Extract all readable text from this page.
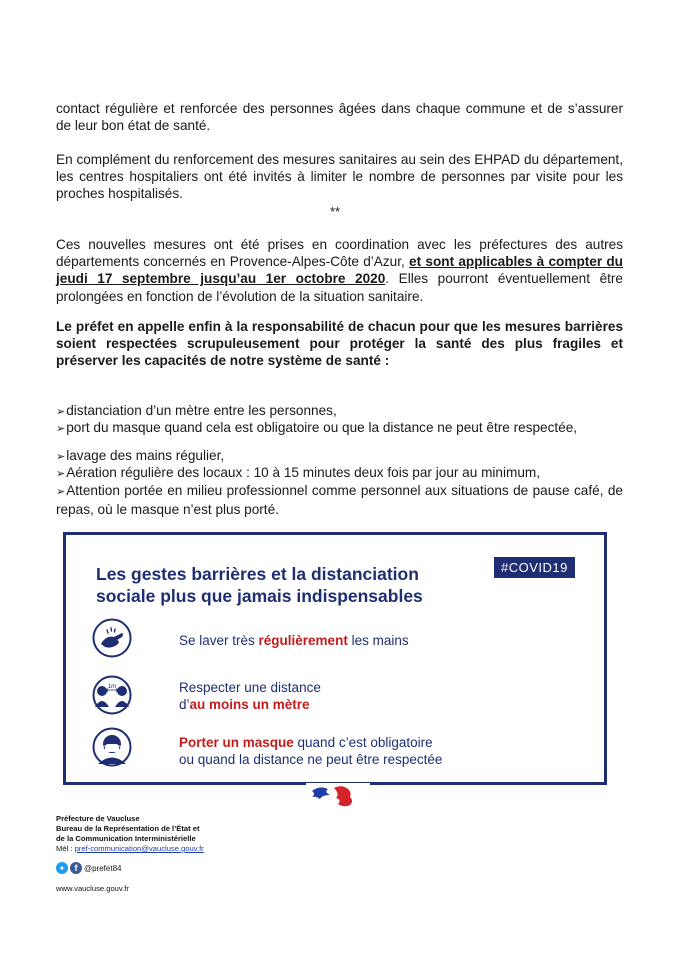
contact régulière et renforcée des personnes âgées dans chaque commune et de s’assurer de leur bon état de santé.

En complément du renforcement des mesures sanitaires au sein des EHPAD du département, les centres hospitaliers ont été invités à limiter le nombre de personnes par visite pour les proches hospitalisés.

**

Ces nouvelles mesures ont été prises en coordination avec les préfectures des autres départements concernés en Provence-Alpes-Côte d’Azur, et sont applicables à compter du jeudi 17 septembre jusqu’au 1er octobre 2020. Elles pourront éventuellement être prolongées en fonction de l’évolution de la situation sanitaire.

Le préfet en appelle enfin à la responsabilité de chacun pour que les mesures barrières soient respectées scrupuleusement pour protéger la santé des plus fragiles et préserver les capacités de notre système de santé :

➢distanciation d’un mètre entre les personnes,
➢port du masque quand cela est obligatoire ou que la distance ne peut être respectée,
➢lavage des mains régulier,
➢Aération régulière des locaux : 10 à 15 minutes deux fois par jour au minimum,
➢Attention portée en milieu professionnel comme personnel aux situations de pause café, de repas, où le masque n’est plus porté.
Les gestes barrières et la distanciation sociale plus que jamais indispensables
#COVID19
Se laver très régulièrement les mains
1m	Respecter une distance
d’au moins un mètre
Porter un masque quand c’est obligatoire
ou quand la distance ne peut être respectée
Préfecture de Vaucluse
Bureau de la Représentation de l’État et
de la Communication Interministérielle
Mél : pref-communication@vaucluse.gouv.fr
✦	f @prefet84
www.vaucluse.gouv.fr
